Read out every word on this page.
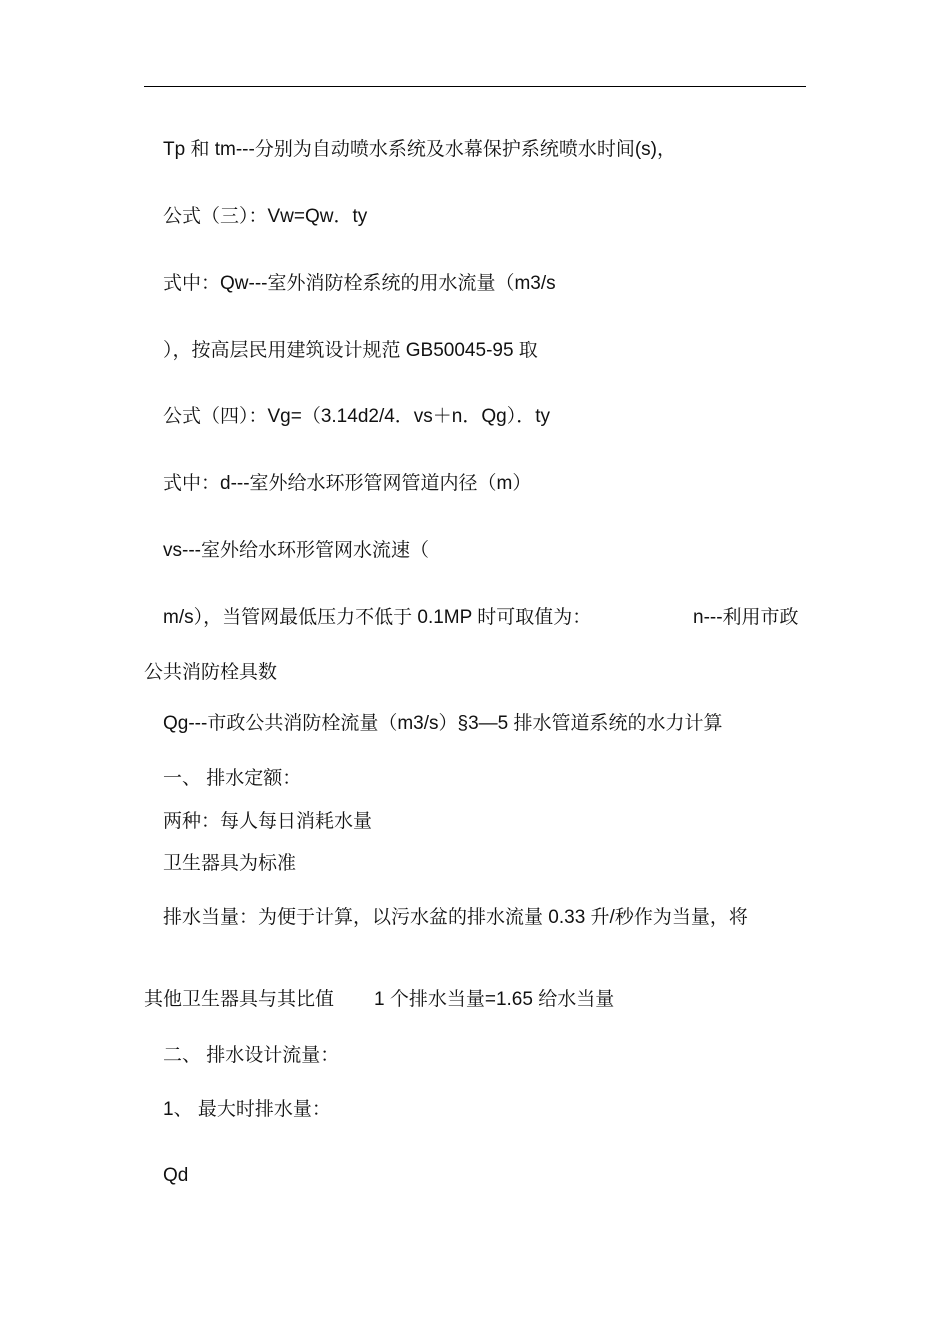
Tp 和 tm---分别为自动喷水系统及水幕保护系统喷水时间(s)，
公式（三）：Vw=Qw．ty
式中：Qw---室外消防栓系统的用水流量（m3/s
），按高层民用建筑设计规范 GB50045-95 取
公式（四）：Vg=（3.14d2/4．vs＋n．Qg）．ty
式中：d---室外给水环形管网管道内径（m）
vs---室外给水环形管网水流速（
m/s），当管网最低压力不低于 0.1MP 时可取值为：	n---利用市政
公共消防栓具数
Qg---市政公共消防栓流量（m3/s）§3—5 排水管道系统的水力计算
一、 排水定额：
两种：每人每日消耗水量
卫生器具为标准
排水当量：为便于计算，以污水盆的排水流量 0.33 升/秒作为当量，将
其他卫生器具与其比值 1 个排水当量=1.65 给水当量
二、 排水设计流量：
1、 最大时排水量：
Qd
